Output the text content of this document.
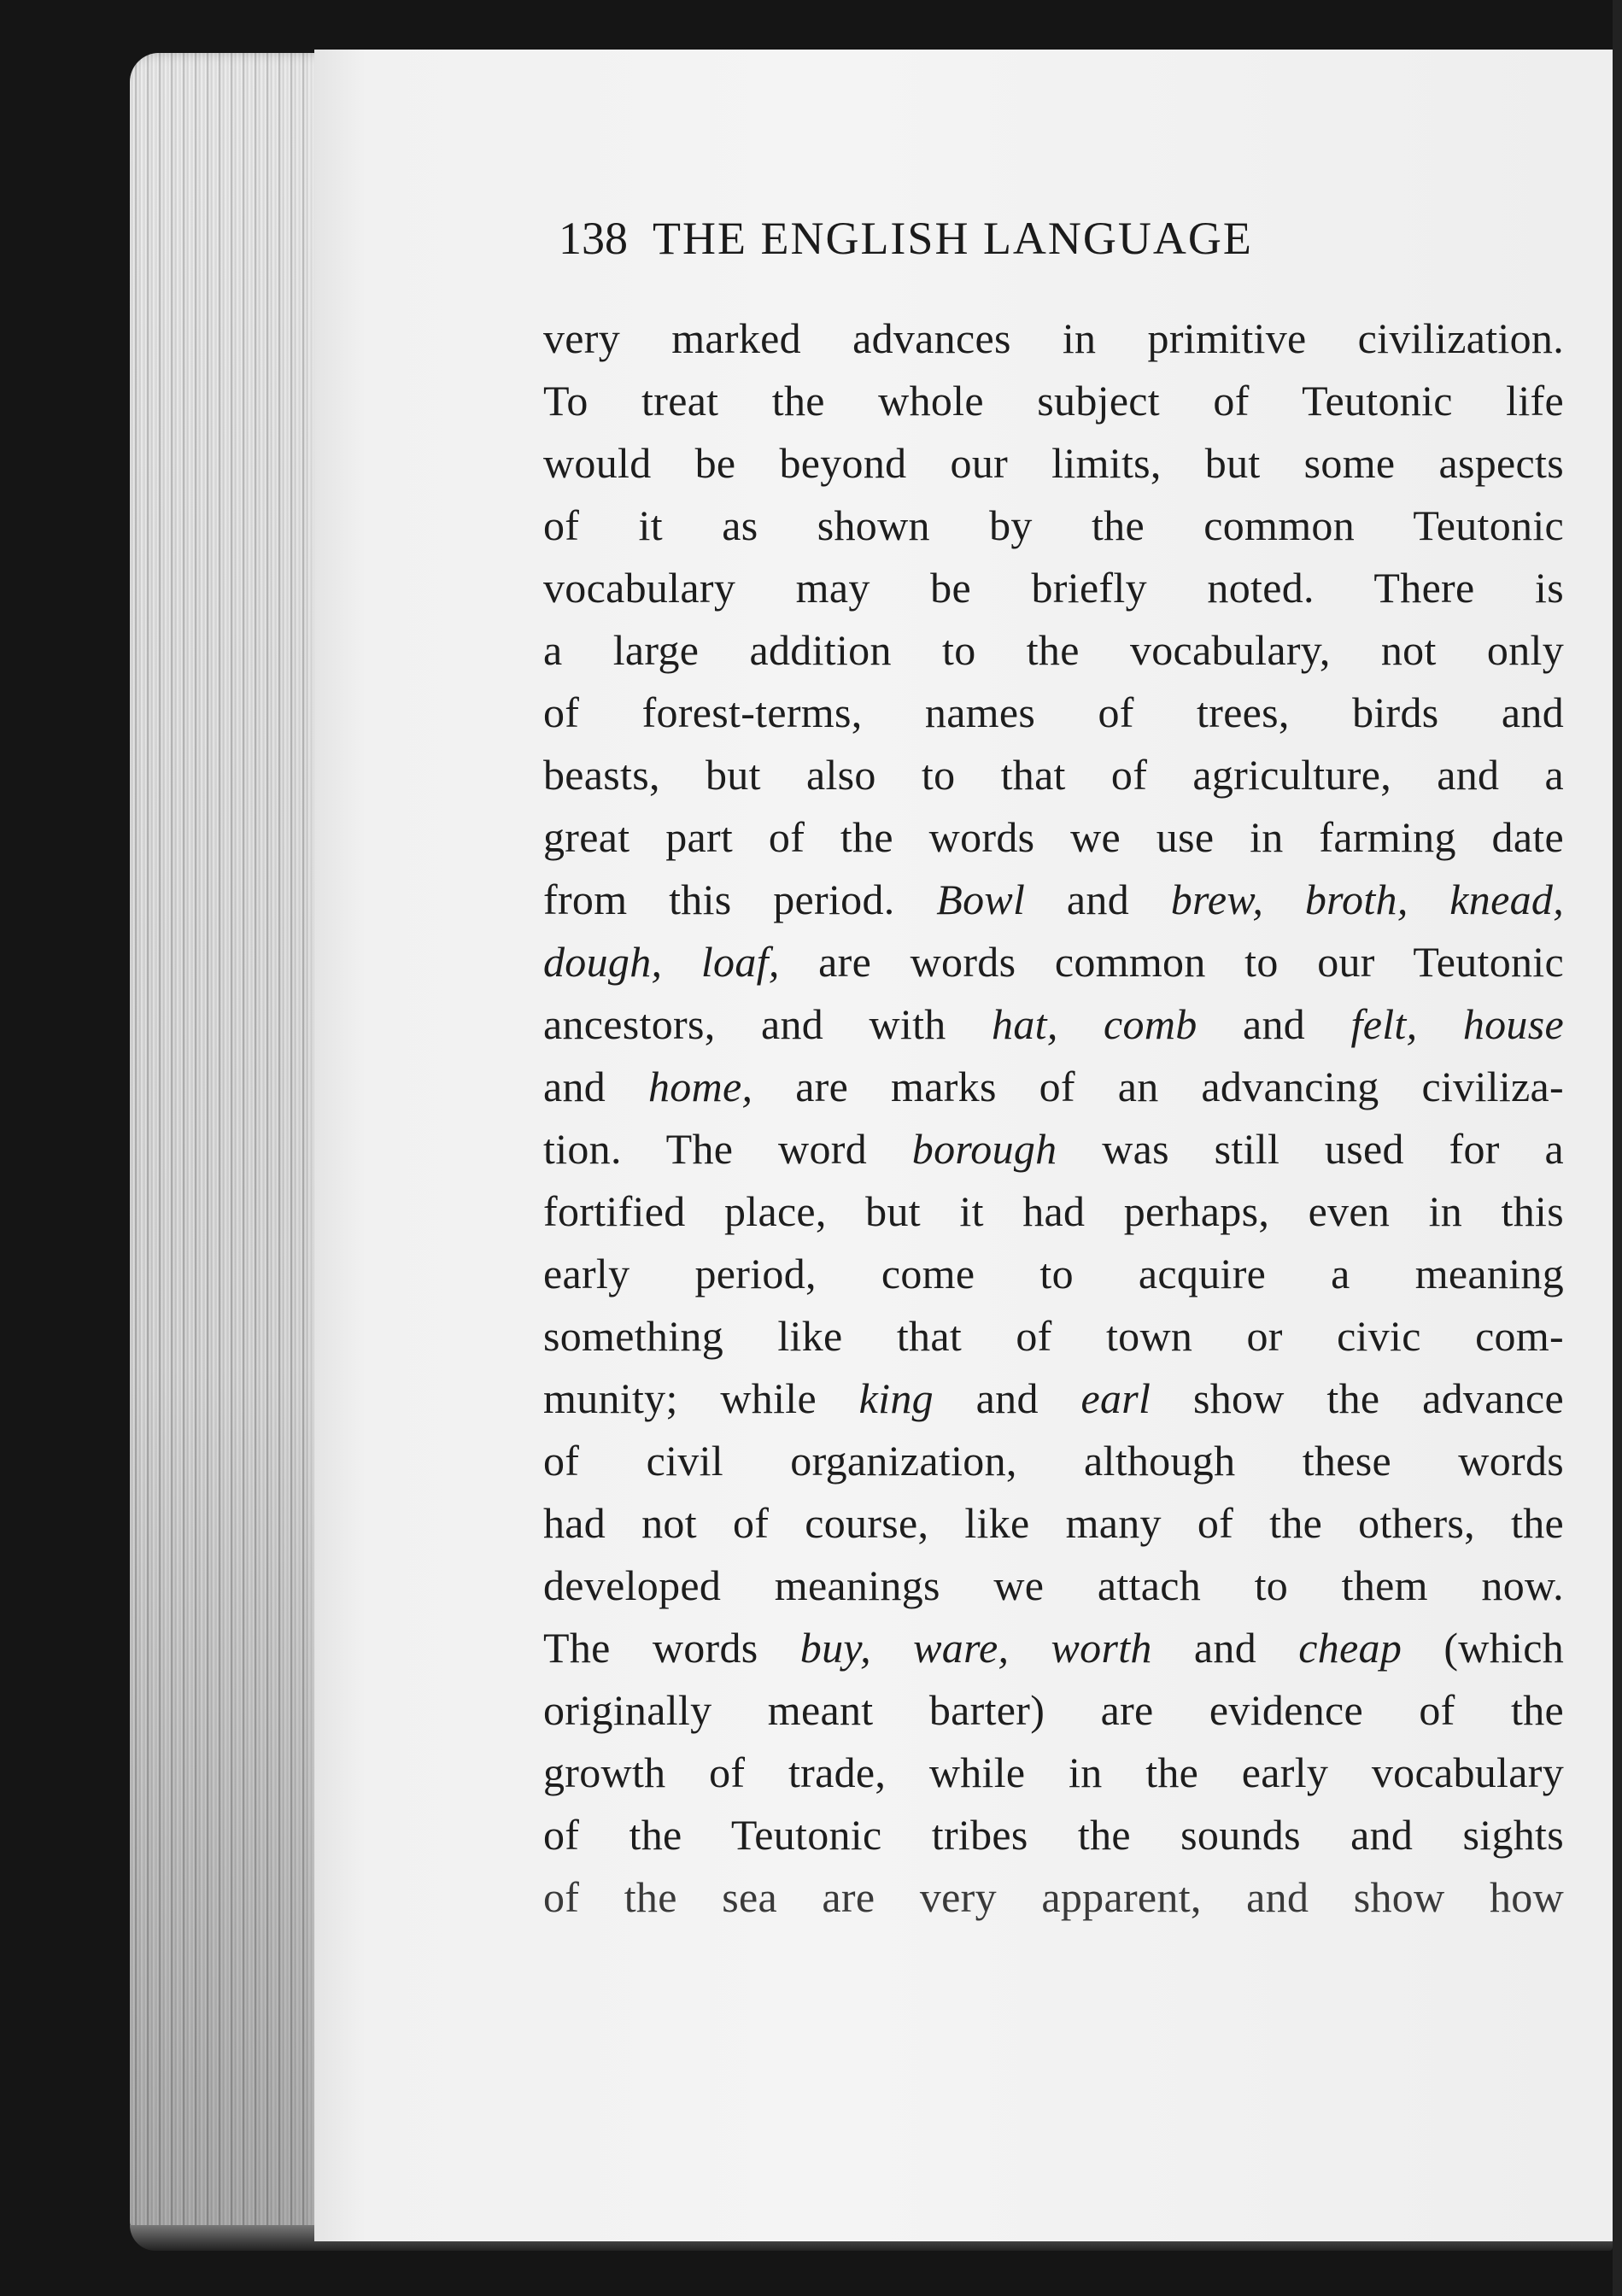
138 THE ENGLISH LANGUAGE
very marked advances in primitive civilization.
To treat the whole subject of Teutonic life
would be beyond our limits, but some aspects
of it as shown by the common Teutonic
vocabulary may be briefly noted. There is
a large addition to the vocabulary, not only
of forest-terms, names of trees, birds and
beasts, but also to that of agriculture, and a
great part of the words we use in farming date
from this period. Bowl and brew, broth, knead,
dough, loaf, are words common to our Teutonic
ancestors, and with hat, comb and felt, house
and home, are marks of an advancing civiliza-
tion. The word borough was still used for a
fortified place, but it had perhaps, even in this
early period, come to acquire a meaning
something like that of town or civic com-
munity; while king and earl show the advance
of civil organization, although these words
had not of course, like many of the others, the
developed meanings we attach to them now.
The words buy, ware, worth and cheap (which
originally meant barter) are evidence of the
growth of trade, while in the early vocabulary
of the Teutonic tribes the sounds and sights
of the sea are very apparent, and show how
